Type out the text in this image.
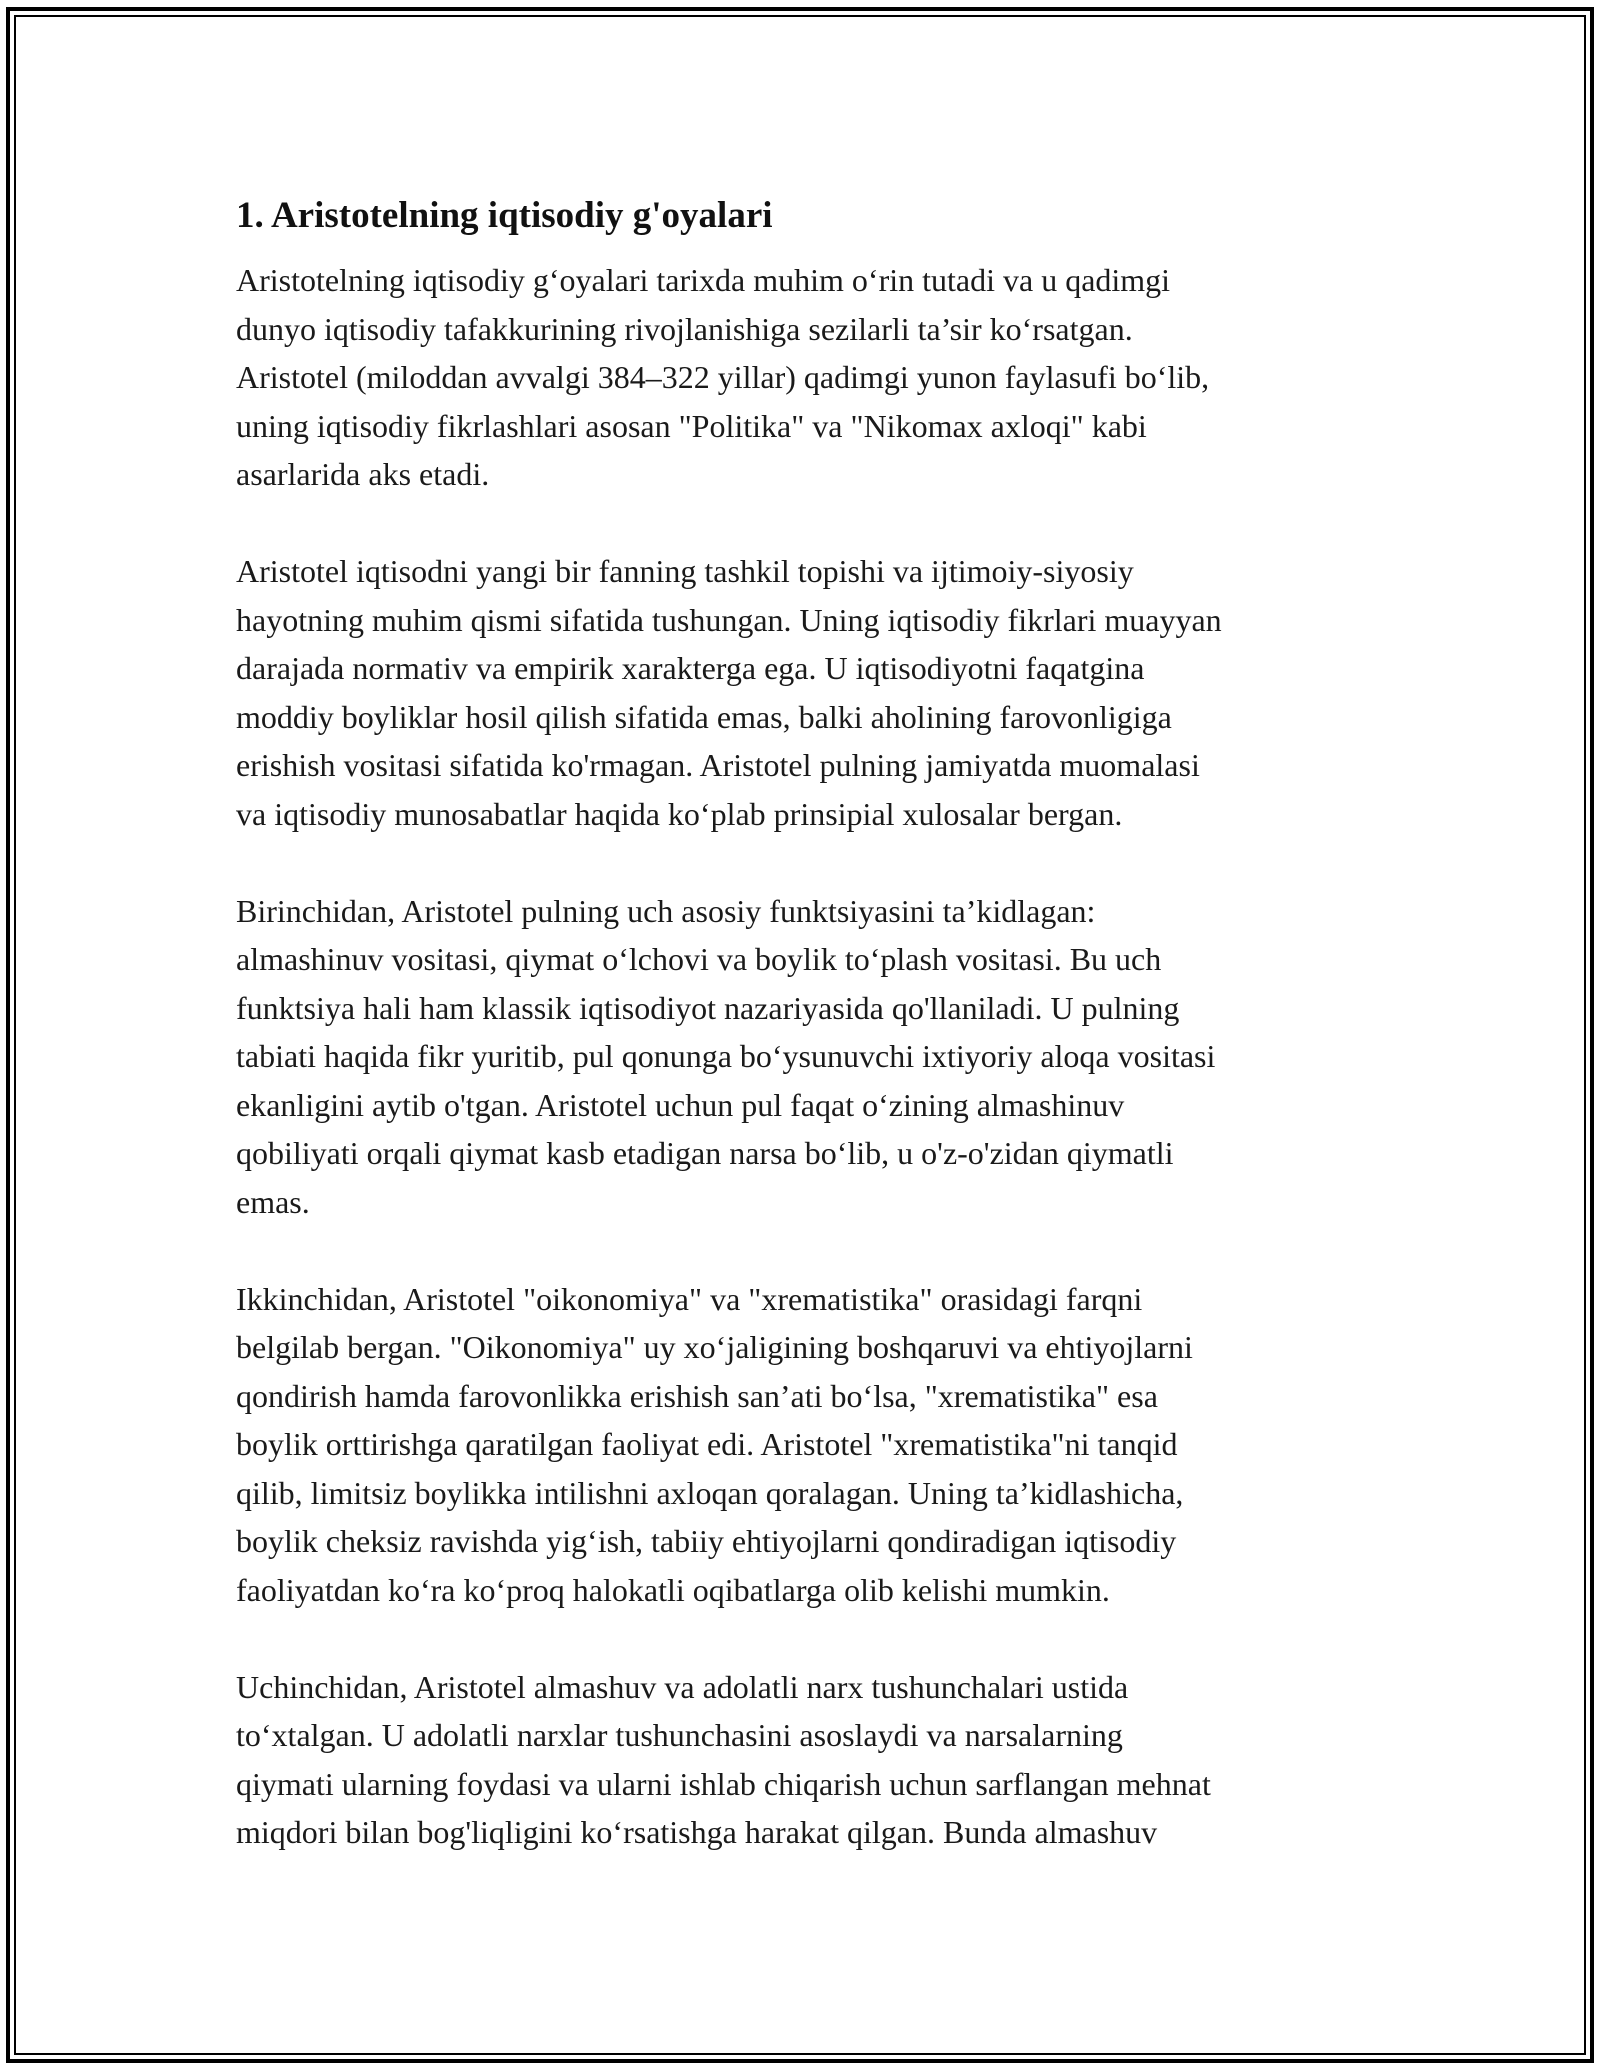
1. Aristotelning iqtisodiy g'oyalari
Aristotelning iqtisodiy g‘oyalari tarixda muhim o‘rin tutadi va u qadimgi
dunyo iqtisodiy tafakkurining rivojlanishiga sezilarli ta’sir ko‘rsatgan.
Aristotel (miloddan avvalgi 384–322 yillar) qadimgi yunon faylasufi bo‘lib,
uning iqtisodiy fikrlashlari asosan "Politika" va "Nikomax axloqi" kabi
asarlarida aks etadi.
Aristotel iqtisodni yangi bir fanning tashkil topishi va ijtimoiy-siyosiy
hayotning muhim qismi sifatida tushungan. Uning iqtisodiy fikrlari muayyan
darajada normativ va empirik xarakterga ega. U iqtisodiyotni faqatgina
moddiy boyliklar hosil qilish sifatida emas, balki aholining farovonligiga
erishish vositasi sifatida ko'rmagan. Aristotel pulning jamiyatda muomalasi
va iqtisodiy munosabatlar haqida ko‘plab prinsipial xulosalar bergan.
Birinchidan, Aristotel pulning uch asosiy funktsiyasini ta’kidlagan:
almashinuv vositasi, qiymat o‘lchovi va boylik to‘plash vositasi. Bu uch
funktsiya hali ham klassik iqtisodiyot nazariyasida qo'llaniladi. U pulning
tabiati haqida fikr yuritib, pul qonunga bo‘ysunuvchi ixtiyoriy aloqa vositasi
ekanligini aytib o'tgan. Aristotel uchun pul faqat o‘zining almashinuv
qobiliyati orqali qiymat kasb etadigan narsa bo‘lib, u o'z-o'zidan qiymatli
emas.
Ikkinchidan, Aristotel "oikonomiya" va "xrematistika" orasidagi farqni
belgilab bergan. "Oikonomiya" uy xo‘jaligining boshqaruvi va ehtiyojlarni
qondirish hamda farovonlikka erishish san’ati bo‘lsa, "xrematistika" esa
boylik orttirishga qaratilgan faoliyat edi. Aristotel "xrematistika"ni tanqid
qilib, limitsiz boylikka intilishni axloqan qoralagan. Uning ta’kidlashicha,
boylik cheksiz ravishda yig‘ish, tabiiy ehtiyojlarni qondiradigan iqtisodiy
faoliyatdan ko‘ra ko‘proq halokatli oqibatlarga olib kelishi mumkin.
Uchinchidan, Aristotel almashuv va adolatli narx tushunchalari ustida
to‘xtalgan. U adolatli narxlar tushunchasini asoslaydi va narsalarning
qiymati ularning foydasi va ularni ishlab chiqarish uchun sarflangan mehnat
miqdori bilan bog'liqligini ko‘rsatishga harakat qilgan. Bunda almashuv
